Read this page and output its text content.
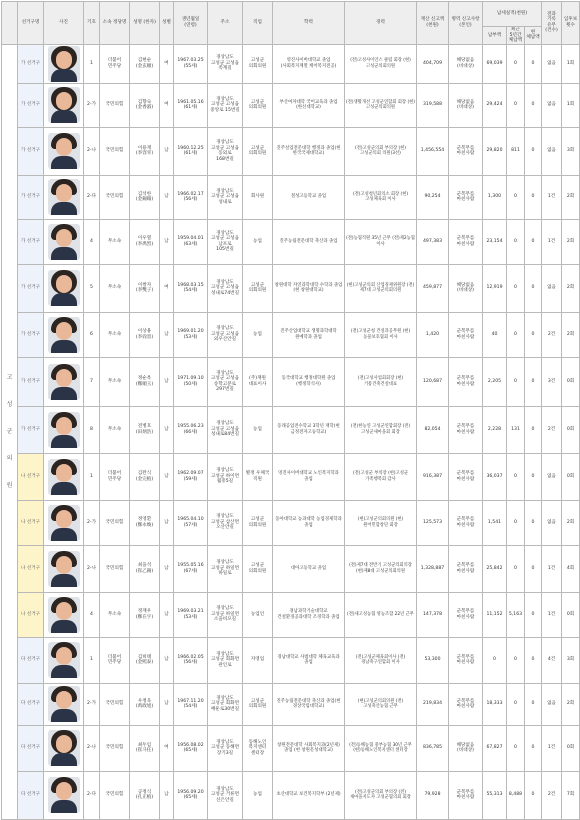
	선거구명	사진	기호	소속 정당명	성명 (한자)	성별	생년월일 (연령)	주소	직업	학력	경력	재산 신고액 (천원)	병역 신고사항 (본인)	납세실적(천원)			전과 기록 유무 (건수)	입후보 횟수
														납부액	최근 5년간 체납액	현 체납액		

고
성
군
의
원	가 선거구		1	더불어 민주당	김현순 (金玄順)	여	1967.03.25 (55세)	경상남도 고성군 고성읍 족계길	고성군 의회의원	영진사이버대학교 졸업(사회복지계열 케어복지전공)	(전)고성사이언스 클럽 회장 (현)고성군의회의원	404,709	해당없음 (비대상)	69,039	0	0	없음	1회
	가 선거구		2-가	국민의힘	김향숙 (金香淑)	여	1961.05.16 (61세)	경상남도 고성군 고성읍 중앙로 15번길	고성군 의회의원	부산여자대학 국어교육과 졸업(한신대학교)	(전)생활개선 고성군연합회 회장 (현)고성군의회의원	319,588	해당없음 (비대상)	29,424	0	0	없음	1회
	가 선거구		2-나	국민의힘	이용재 (李容宰)	남	1960.12.25 (61세)	경상남도 고성군 고성읍 동외로 168번길	고성군 의회의원	진주실업전문대학 행정과 졸업(현 한국국제대학교)	(전)고성군의회 부의장 (현)고성군의회 의원(3선)	1,456,554	군복무를 마친사람	29,820	811	0	없음	3회
	가 선거구		2-다	국민의힘	김석한 (金錫翰)	남	1966.02.17 (56세)	경상남도 고성군 고성읍 성내로	회사원	철성고등학교 졸업	(전)고성청년회의소 회장 (현)고성체육회 이사	90,254	군복무를 마친사람	1,300	0	0	1건	2회
	가 선거구		4	무소속	이우열 (李禹烈)	남	1959.04.01 (63세)	경상남도 고성군 고성읍 남포로 105번길	농업	진주농림전문대학 축산과 졸업	(전)농협직원 35년 근무 (전)제2농협 이사	497,383	군복무를 마친사람	23,154	0	0	1건	2회
	가 선거구		5	무소속	이쌍자 (李雙子)	여	1968.03.15 (54세)	경상남도 고성군 고성읍 성내로74번길	고성군 의회의원	창원대학 자연과학대학 수학과 졸업(현 창원대학교)	(현)고성군의회 산업경제위원장 (전)제7대 고성군의회의원	459,877	해당없음 (비대상)	12,919	0	0	없음	2회
	가 선거구		6	무소속	이상용 (李尙容)	남	1969.01.20 (53세)	경상남도 고성군 고성읍 외우산안길	농업	진주산업대학교 생명과학대학 원예학과 졸업	(전)고성군청 건설과공무원 (현)동물보호협회 이사	1,420	군복무를 마친사람	40	0	0	2건	2회
	가 선거구		7	무소속	정순옥 (鄭順玉)	남	1971.09.10 (50세)	경상남도 고성군 고성읍 송학고분로 297번길	(주)재원 대표이사	동국대학교 행정대학원 졸업(행정학석사)	(전)고성사업회회장 (현)거룡건축건설대표	120,687	군복무를 마친사람	2,205	0	0	3건	0회
	가 선거구		8	무소속	전병호 (田炳浩)	남	1955.06.23 (66세)	경상남도 고성군 고성읍 성내로84번길	농업	동래공업전수학교 3학년 재학(현 금정전자고등학교)	(전)한농연 고성군연합회장 (전)고성군새마을회 회장	82,054	군복무를 마친사람	2,228	131	0	2건	0회
	나 선거구		1	더불어 민주당	김완식 (金完植)	남	1962.09.07 (59세)	경상남도 고성군 하이면 월흥5길	별정 우체국 직원	영진사이버대학교 노인복지학과 졸업	(전)고성군 부의장 (현)고성군 가족행복회 감사	916,387	군복무를 마친사람	36,037	0	0	없음	0회
	나 선거구		2-가	국민의힘	정영환 (鄭永煥)	남	1965.04.10 (57세)	경상남도 고성군 삼산면 오산안길	고성군 의회의원	동아대학교 농과대학 농업경제학과 졸업	(현)고성군의회의원 (현)원어민합창단 회장	125,573	군복무를 마친사람	1,541	0	0	없음	2회
	나 선거구		2-나	국민의힘	최을석 (崔乙錫)	남	1955.05.16 (67세)	경상남도 고성군 하일면 하일로	고성군 의회의원	대아고등학교 졸업	(전)제7대 전반기 고성군의회의장 (현)제8대 고성군의회의원	1,328,887	군복무를 마친사람	25,842	0	0	1건	4회
	나 선거구		4	무소속	정재우 (鄭在宇)	남	1969.03.21 (53세)	경상남도 고성군 하일면 소을비포길	농업인	경남과학기술대학교 건설환경공과대학 조경학과 졸업	(전)새고성농협 영농조합 22년 근무	147,378	군복무를 마친사람	11,152	5,163	0	1건	0회
	다 선거구		1	더불어 민주당	김희태 (金熙泰)	남	1966.02.05 (56세)	경상남도 고성군 회화면 관인로	자영업	경남대학교 사범대학 체육교육과 졸업	(전)고성군체육회이사 (전)경남축구연합회 이사	53,300	군복무를 마친사람	0	0	0	4건	3회
	다 선거구		2-가	국민의힘	우정욱 (禹政旭)	남	1967.11.20 (54세)	경상남도 고성군 회화면 배둔로30번길	고성군 의회의원	진주농림전문대학 축산과 졸업(현 경상국립대학교)	(현)고성군의회의원 (전)고성축산농협 근무	219,834	군복무를 마친사람	18,333	0	0	없음	2회
	다 선거구		2-나	국민의힘	최두임 (崔斗任)	여	1956.08.02 (65세)	경상남도 고성군 동해면 장기3길	동해노인 복지센터 센터장	창원전문대학 사회복지과(2년제) 졸업 (현 창원문성대학교)	(전)동해농협 중부농협 30년 근무 (현)동해노인복지센터 센터장	836,785	해당없음 (비대상)	67,827	0	0	1건	0회
	다 선거구		2-다	국민의힘	공정식 (孔正植)	남	1956.09.20 (65세)	경상남도 고성군 거류면 신은안길	농업	초산대학교 보건복지학부 (2년제)	(전)고성군의회 부의장 (전)새마을지도자 고성군협의회 회장	79,928	군복무를 마친사람	55,313	8,488	0	2건	7회
